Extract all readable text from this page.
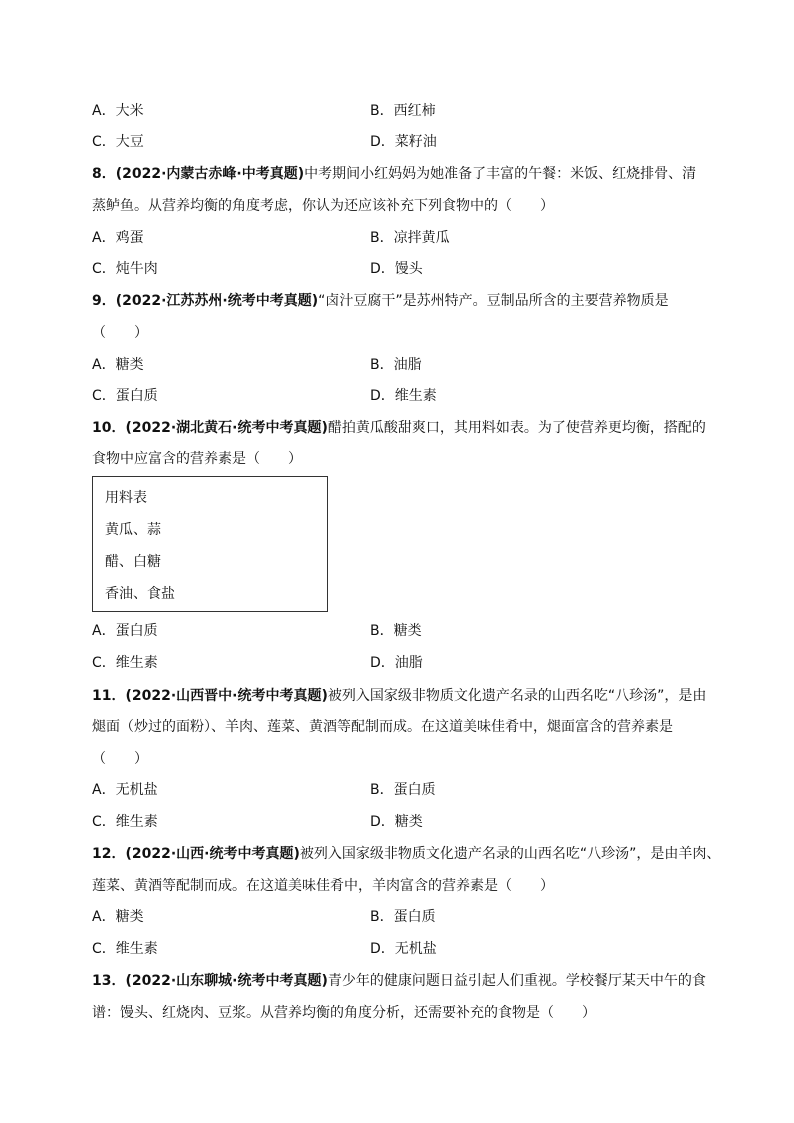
A．大米	B．西红柿
C．大豆	D．菜籽油
8．(2022·内蒙古赤峰·中考真题)中考期间小红妈妈为她准备了丰富的午餐：米饭、红烧排骨、清
蒸鲈鱼。从营养均衡的角度考虑，你认为还应该补充下列食物中的（　　）
A．鸡蛋	B．凉拌黄瓜
C．炖牛肉	D．馒头
9．(2022·江苏苏州·统考中考真题)“卤汁豆腐干”是苏州特产。豆制品所含的主要营养物质是
（　　）
A．糖类	B．油脂
C．蛋白质	D．维生素
10．(2022·湖北黄石·统考中考真题)醋拍黄瓜酸甜爽口，其用料如表。为了使营养更均衡，搭配的
食物中应富含的营养素是（　　）
用料表
黄瓜、蒜
醋、白糖
香油、食盐
A．蛋白质	B．糖类
C．维生素	D．油脂
11．(2022·山西晋中·统考中考真题)被列入国家级非物质文化遗产名录的山西名吃“八珍汤”，是由
煺面（炒过的面粉）、羊肉、莲菜、黄酒等配制而成。在这道美味佳肴中，煺面富含的营养素是
（　　）
A．无机盐	B．蛋白质
C．维生素	D．糖类
12．(2022·山西·统考中考真题)被列入国家级非物质文化遗产名录的山西名吃“八珍汤”，是由羊肉、
莲菜、黄酒等配制而成。在这道美味佳肴中，羊肉富含的营养素是（　　）
A．糖类	B．蛋白质
C．维生素	D．无机盐
13．(2022·山东聊城·统考中考真题)青少年的健康问题日益引起人们重视。学校餐厅某天中午的食
谱：馒头、红烧肉、豆浆。从营养均衡的角度分析，还需要补充的食物是（　　）
